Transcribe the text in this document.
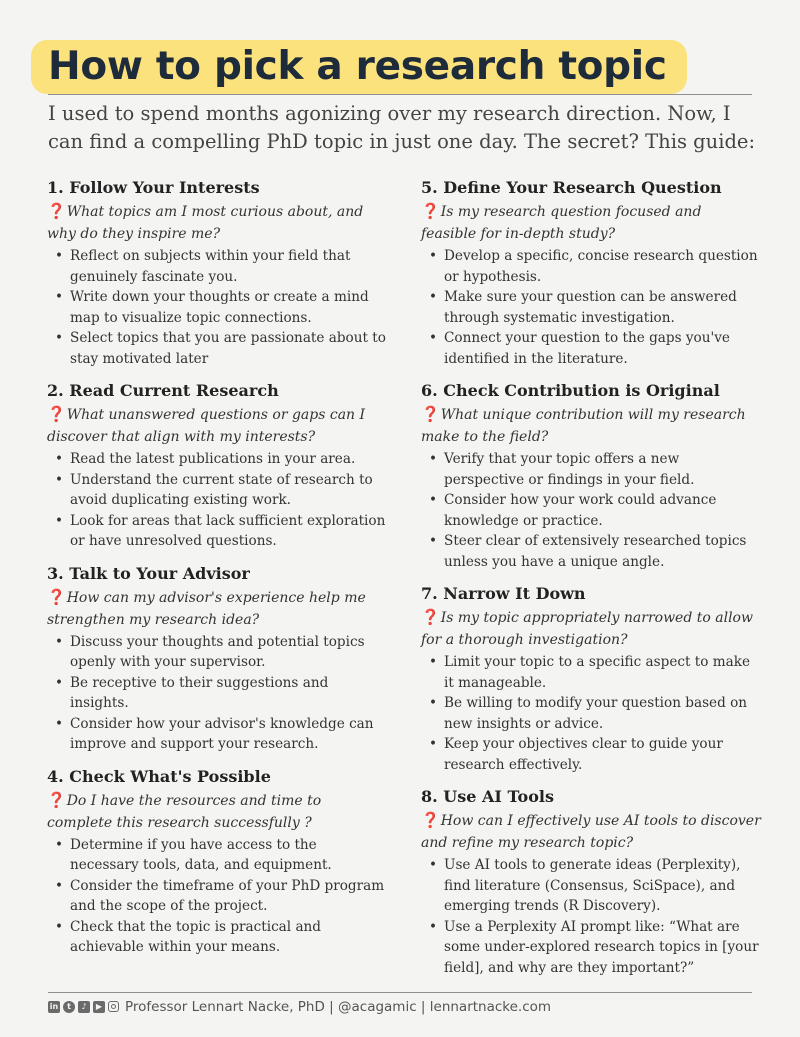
How to pick a research topic

I used to spend months agonizing over my research direction. Now, I can find a compelling PhD topic in just one day. The secret? This guide:

1. Follow Your Interests

❓What topics am I most curious about, and why do they inspire me?

• Reflect on subjects within your field that genuinely fascinate you.
• Write down your thoughts or create a mind map to visualize topic connections.
• Select topics that you are passionate about to stay motivated later
2. Read Current Research

❓What unanswered questions or gaps can I discover that align with my interests?

• Read the latest publications in your area.
• Understand the current state of research to avoid duplicating existing work.
• Look for areas that lack sufficient exploration or have unresolved questions.
3. Talk to Your Advisor

❓How can my advisor's experience help me strengthen my research idea?

• Discuss your thoughts and potential topics openly with your supervisor.
• Be receptive to their suggestions and insights.
• Consider how your advisor's knowledge can improve and support your research.
4. Check What's Possible

❓Do I have the resources and time to complete this research successfully ?

• Determine if you have access to the necessary tools, data, and equipment.
• Consider the timeframe of your PhD program and the scope of the project.
• Check that the topic is practical and achievable within your means.
5. Define Your Research Question

❓Is my research question focused and feasible for in-depth study?

• Develop a specific, concise research question or hypothesis.
• Make sure your question can be answered through systematic investigation.
• Connect your question to the gaps you've identified in the literature.
6. Check Contribution is Original

❓What unique contribution will my research make to the field?

• Verify that your topic offers a new perspective or findings in your field.
• Consider how your work could advance knowledge or practice.
• Steer clear of extensively researched topics unless you have a unique angle.
7. Narrow It Down

❓Is my topic appropriately narrowed to allow for a thorough investigation?

• Limit your topic to a specific aspect to make it manageable.
• Be willing to modify your question based on new insights or advice.
• Keep your objectives clear to guide your research effectively.
8. Use AI Tools

❓How can I effectively use AI tools to discover and refine my research topic?

• Use AI tools to generate ideas (Perplexity), find literature (Consensus, SciSpace), and emerging trends (R Discovery).
• Use a Perplexity AI prompt like: “What are some under-explored research topics in [your field], and why are they important?”
in	t	♪	▶ Professor Lennart Nacke, PhD | @acagamic | lennartnacke.com
